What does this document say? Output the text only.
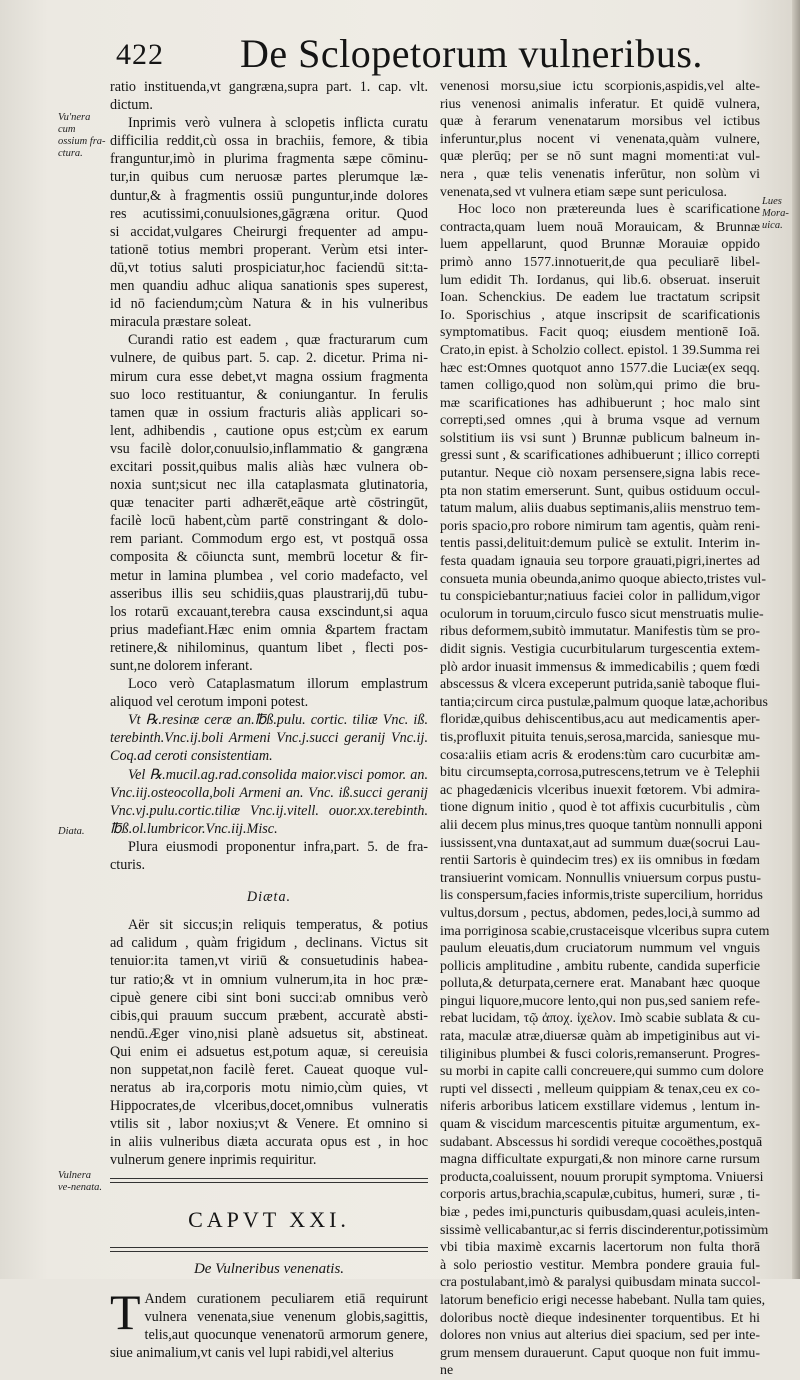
422 De Sclopetorum vulneribus.
Vu'nera cum ossium fra-ctura.
Diata.
Vulnera ve-nenata.
Lues Mora-uica.
ratio instituenda,vt gangræna,supra part. 1. cap. vlt.
dictum.
Inprimis verò vulnera à sclopetis inflicta curatu
difficilia reddit,cù ossa in brachiis, femore, & tibia
franguntur,imò in plurima fragmenta sæpe cōminu-
tur,in quibus cum neruosæ partes plerumque læ-
duntur,& à fragmentis ossiū punguntur,inde dolores
res acutissimi,conuulsiones,gāgræna oritur. Quod
si accidat,vulgares Cheirurgi frequenter ad ampu-
tationē totius membri properant. Verùm etsi inter-
dū,vt totius saluti prospiciatur,hoc faciendū sit:ta-
men quandiu adhuc aliqua sanationis spes superest,
id nō faciendum;cùm Natura & in his vulneribus
miracula præstare soleat.
Curandi ratio est eadem , quæ fracturarum cum
vulnere, de quibus part. 5. cap. 2. dicetur. Prima ni-
mirum cura esse debet,vt magna ossium fragmenta
suo loco restituantur, & coniungantur. In ferulis
tamen quæ in ossium fracturis aliàs applicari so-
lent, adhibendis , cautione opus est;cùm ex earum
vsu facilè dolor,conuulsio,inflammatio & gangræna
excitari possit,quibus malis aliàs hæc vulnera ob-
noxia sunt;sicut nec illa cataplasmata glutinatoria,
quæ tenaciter parti adhærēt,eāque artè cōstringūt,
facilè locū habent,cùm partē constringant & dolo-
rem pariant. Commodum ergo est, vt postquā ossa
composita & cōiuncta sunt, membrū locetur & fir-
metur in lamina plumbea , vel corio madefacto, vel
asseribus illis seu schidiis,quas plaustrarij,dū tubu-
los rotarū excauant,terebra causa exscindunt,si aqua
prius madefiant.Hæc enim omnia &partem fractam
retinere,& nihilominus, quantum libet , flecti pos-
sunt,ne dolorem inferant.
Loco verò Cataplasmatum illorum emplastrum
aliquod vel cerotum imponi potest.
Vt ℞.resinæ ceræ an.℔ß.pulu. cortic. tiliæ Vnc. iß.
terebinth.Vnc.ij.boli Armeni Vnc.j.succi geranij Vnc.ij.
Coq.ad ceroti consistentiam.
Vel ℞.mucil.ag.rad.consolida maior.visci pomor. an.
Vnc.iij.osteocolla,boli Armeni an. Vnc. iß.succi geranij
Vnc.vj.pulu.cortic.tiliæ Vnc.ij.vitell. ouor.xx.terebinth.
℔ß.ol.lumbricor.Vnc.iij.Misc.
Plura eiusmodi proponentur infra,part. 5. de fra-
cturis.
Diæta.
Aër sit siccus;in reliquis temperatus, & potius
ad calidum , quàm frigidum , declinans. Victus sit
tenuior:ita tamen,vt viriū & consuetudinis habea-
tur ratio;& vt in omnium vulnerum,ita in hoc præ-
cipuè genere cibi sint boni succi:ab omnibus verò
cibis,qui prauum succum præbent, accuratè absti-
nendū.Æger vino,nisi planè adsuetus sit, abstineat.
Qui enim ei adsuetus est,potum aquæ, si cereuisia
non suppetat,non facilè feret. Caueat quoque vul-
neratus ab ira,corporis motu nimio,cùm quies, vt
Hippocrates,de vlceribus,docet,omnibus vulneratis
vtilis sit , labor noxius;vt & Venere. Et omnino si
in aliis vulneribus diæta accurata opus est , in hoc
vulnerum genere inprimis requiritur.
CAPVT XXI.
De Vulneribus venenatis.
T Andem curationem peculiarem etiā requirunt
vulnera venenata,siue venenum globis,sagittis,
telis,aut quocunque venenatorū armorum genere,
siue animalium,vt canis vel lupi rabidi,vel alterius
venenosi morsu,siue ictu scorpionis,aspidis,vel alte-
rius venenosi animalis inferatur. Et quidē vulnera,
quæ à ferarum venenatarum morsibus vel ictibus
inferuntur,plus nocent vi venenata,quàm vulnere,
quæ plerūq; per se nō sunt magni momenti:at vul-
nera , quæ telis venenatis inferūtur, non solùm vi
venenata,sed vt vulnera etiam sæpe sunt periculosa.
Hoc loco non prætereunda lues è scarificatione
contracta,quam luem nouā Morauicam, & Brunnæ
luem appellarunt, quod Brunnæ Morauiæ oppido
primò anno 1577.innotuerit,de qua peculiarē libel-
lum edidit Th. Iordanus, qui lib.6. obseruat. inseruit
Ioan. Schenckius. De eadem lue tractatum scripsit
Io. Sporischius , atque inscripsit de scarificationis
symptomatibus. Facit quoq; eiusdem mentionē Ioā.
Crato,in epist. à Scholzio collect. epistol. 1 39.Summa rei
hæc est:Omnes quotquot anno 1577.die Luciæ(ex seqq.
tamen colligo,quod non solùm,qui primo die bru-
mæ scarificationes has adhibuerunt ; hoc malo sint
correpti,sed omnes ,qui à bruma vsque ad vernum
solstitium iis vsi sunt ) Brunnæ publicum balneum in-
gressi sunt , & scarificationes adhibuerunt ; illico correpti
putantur. Neque ciò noxam persensere,signa labis rece-
pta non statim emerserunt. Sunt, quibus ostiduum occul-
tatum malum, aliis duabus septimanis,aliis menstruo tem-
poris spacio,pro robore nimirum tam agentis, quàm reni-
tentis passi,delituit:demum pulicè se extulit. Interim in-
festa quadam ignauia seu torpore grauati,pigri,inertes ad
consueta munia obeunda,animo quoque abiecto,tristes vul-
tu conspiciebantur;natiuus faciei color in pallidum,vigor
oculorum in toruum,circulo fusco sicut menstruatis mulie-
ribus deformem,subitò immutatur. Manifestis tùm se pro-
didit signis. Vestigia cucurbitularum turgescentia extem-
plò ardor inuasit immensus & immedicabilis ; quem fœdi
abscessus & vlcera exceperunt putrida,saniè taboque flui-
tantia;circum circa pustulæ,palmum quoque latæ,achoribus
floridæ,quibus dehiscentibus,acu aut medicamentis aper-
tis,profluxit pituita tenuis,serosa,marcida, saniesque mu-
cosa:aliis etiam acris & erodens:tùm caro cucurbitæ am-
bitu circumsepta,corrosa,putrescens,tetrum ve è Telephii
ac phagedænicis vlceribus inuexit fœtorem. Vbi admira-
tione dignum initio , quod è tot affixis cucurbitulis , cùm
alii decem plus minus,tres quoque tantùm nonnulli apponi
iussissent,vna duntaxat,aut ad summum duæ(socrui Lau-
rentii Sartoris è quindecim tres) ex iis omnibus in fœdam
transiuerint vomicam. Nonnullis vniuersum corpus pustu-
lis conspersum,facies informis,triste supercilium, horridus
vultus,dorsum , pectus, abdomen, pedes,loci,à summo ad
ima porriginosa scabie,crustaceisque vlceribus supra cutem
paulum eleuatis,dum cruciatorum nummum vel vnguis
pollicis amplitudine , ambitu rubente, candida superficie
polluta,& deturpata,cernere erat. Manabant hæc quoque
pingui liquore,mucore lento,qui non pus,sed saniem refe-
rebat lucidam, τῷ ἀποχ. ἰχελον. Imò scabie sublata & cu-
rata, maculæ atræ,diuersæ quàm ab impetiginibus aut vi-
tiliginibus plumbei & fusci coloris,remanserunt. Progres-
su morbi in capite calli concreuere,qui summo cum dolore
rupti vel dissecti , melleum quippiam & tenax,ceu ex co-
niferis arboribus laticem exstillare videmus , lentum in-
quam & viscidum marcescentis pituitæ argumentum, ex-
sudabant. Abscessus hi sordidi vereque cocoëthes,postquā
magna difficultate expurgati,& non minore carne rursum
producta,coaluissent, nouum prorupit symptoma. Vniuersi
corporis artus,brachia,scapulæ,cubitus, humeri, suræ , ti-
biæ , pedes imi,puncturis quibusdam,quasi aculeis,inten-
sissimè vellicabantur,ac si ferris discinderentur,potissimùm
vbi tibia maximè excarnis lacertorum non fulta thorā
à solo periostio vestitur. Membra pondere grauia ful-
cra postulabant,imò & paralysi quibusdam minata succol-
latorum beneficio erigi necesse habebant. Nulla tam quies,
doloribus noctè dieque indesinenter torquentibus. Et hi
dolores non vnius aut alterius diei spacium, sed per inte-
grum mensem durauerunt. Caput quoque non fuit immu-
ne
